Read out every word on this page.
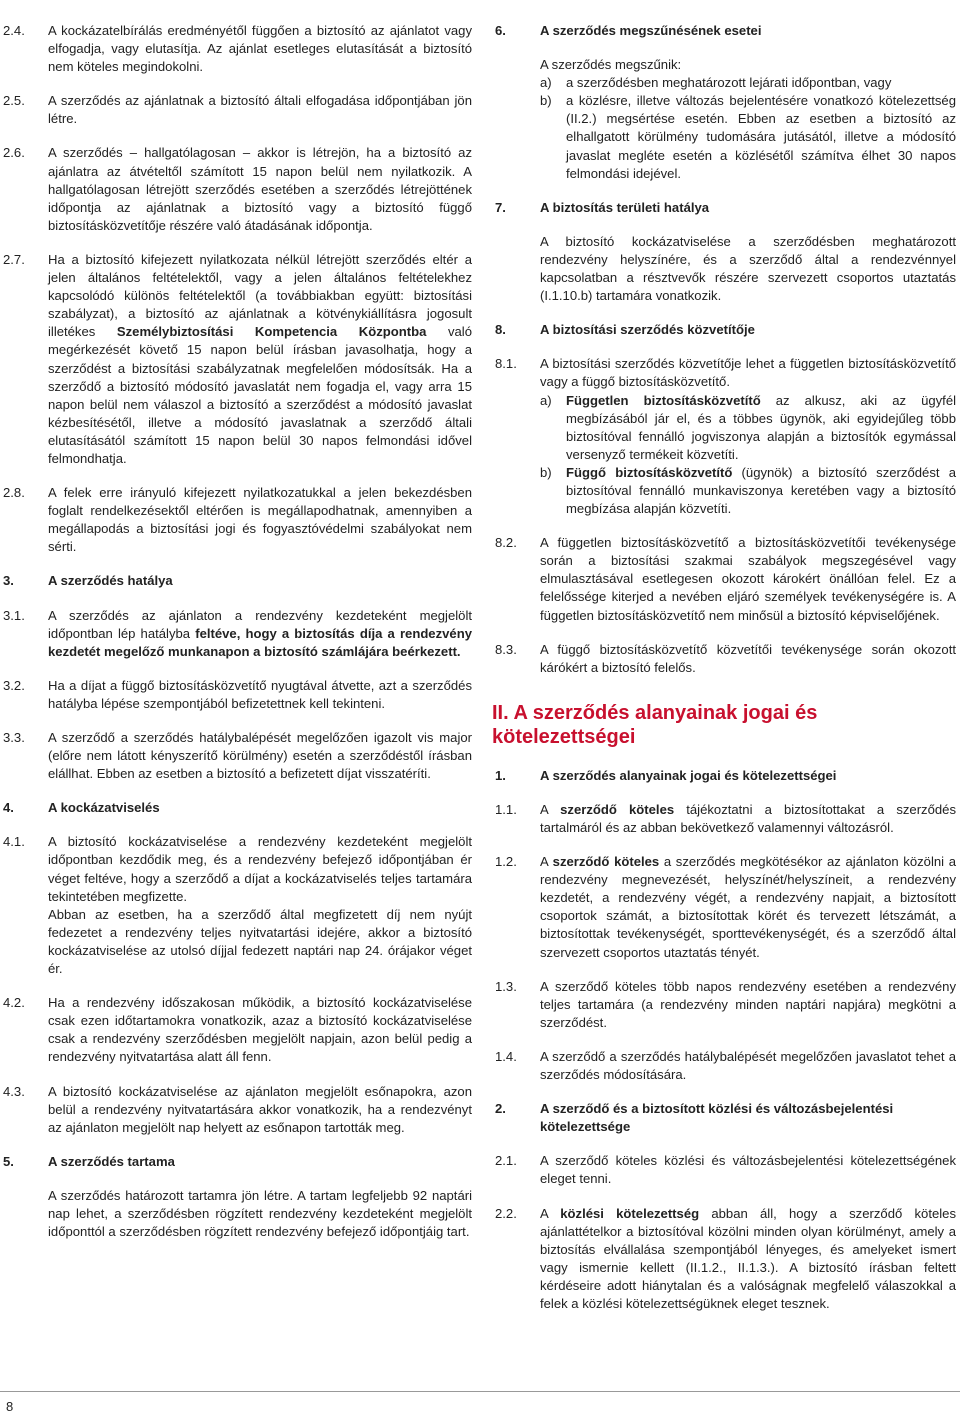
2.4.	A kockázatelbírálás eredményétől függően a biztosító az ajánlatot vagy elfogadja, vagy elutasítja. Az ajánlat esetleges elutasítását a biztosító nem köteles megindokolni.
2.5.	A szerződés az ajánlatnak a biztosító általi elfogadása időpontjában jön létre.
2.6.	A szerződés – hallgatólagosan – akkor is létrejön, ha a biztosító az ajánlatra az átvételtől számított 15 napon belül nem nyilatkozik. A hallgatólagosan létrejött szerződés esetében a szerződés létrejöttének időpontja az ajánlatnak a biztosító vagy a biztosító függő biztosításközvetítője részére való átadásának időpontja.
2.7.	Ha a biztosító kifejezett nyilatkozata nélkül létrejött szerződés eltér a jelen általános feltételektől, vagy a jelen általános feltételekhez kapcsolódó különös feltételektől (a továbbiakban együtt: biztosítási szabályzat), a biztosító az ajánlatnak a kötvénykiállításra jogosult illetékes Személybiztosítási Kompetencia Központba való megérkezését követő 15 napon belül írásban javasolhatja, hogy a szerződést a biztosítási szabályzatnak megfelelően módosítsák. Ha a szerződő a biztosító módosító javaslatát nem fogadja el, vagy arra 15 napon belül nem válaszol a biztosító a szerződést a módosító javaslat kézbesítésétől, illetve a módosító javaslatnak a szerződő általi elutasításától számított 15 napon belül 30 napos felmondási idővel felmondhatja.
2.8.	A felek erre irányuló kifejezett nyilatkozatukkal a jelen bekezdésben foglalt rendelkezésektől eltérően is megállapodhatnak, amennyiben a megállapodás a biztosítási jogi és fogyasztóvédelmi szabályokat nem sérti.
3.	A szerződés hatálya
3.1.	A szerződés az ajánlaton a rendezvény kezdeteként megjelölt időpontban lép hatályba feltéve, hogy a biztosítás díja a rendezvény kezdetét megelőző munkanapon a biztosító számlájára beérkezett.
3.2.	Ha a díjat a függő biztosításközvetítő nyugtával átvette, azt a szerződés hatályba lépése szempontjából befizetettnek kell tekinteni.
3.3.	A szerződő a szerződés hatálybalépését megelőzően igazolt vis major (előre nem látott kényszerítő körülmény) esetén a szerződéstől írásban elállhat. Ebben az esetben a biztosító a befizetett díjat visszatéríti.
4.	A kockázatviselés
4.1.	A biztosító kockázatviselése a rendezvény kezdeteként megjelölt időpontban kezdődik meg, és a rendezvény befejező időpontjában ér véget feltéve, hogy a szerződő a díjat a kockázatviselés teljes tartamára tekintetében megfizette.
Abban az esetben, ha a szerződő által megfizetett díj nem nyújt fedezetet a rendezvény teljes nyitvatartási idejére, akkor a biztosító kockázatviselése az utolsó díjjal fedezett naptári nap 24. órájakor véget ér.
4.2.	Ha a rendezvény időszakosan működik, a biztosító kockázatviselése csak ezen időtartamokra vonatkozik, azaz a biztosító kockázatviselése csak a rendezvény szerződésben megjelölt napjain, azon belül pedig a rendezvény nyitvatartása alatt áll fenn.
4.3.	A biztosító kockázatviselése az ajánlaton megjelölt esőnapokra, azon belül a rendezvény nyitvatartására akkor vonatkozik, ha a rendezvényt az ajánlaton megjelölt nap helyett az esőnapon tartották meg.
5.	A szerződés tartama
A szerződés határozott tartamra jön létre. A tartam legfeljebb 92 naptári nap lehet, a szerződésben rögzített rendezvény kezdeteként megjelölt időponttól a szerződésben rögzített rendezvény befejező időpontjáig tart.
6.	A szerződés megszűnésének esetei
A szerződés megszűnik:
a)	a szerződésben meghatározott lejárati időpontban, vagy
b)	a közlésre, illetve változás bejelentésére vonatkozó kötelezettség (II.2.) megsértése esetén. Ebben az esetben a biztosító az elhallgatott körülmény tudomására jutásától, illetve a módosító javaslat megléte esetén a közlésétől számítva élhet 30 napos felmondási idejével.
7.	A biztosítás területi hatálya
A biztosító kockázatviselése a szerződésben meghatározott rendezvény helyszínére, és a szerződő által a rendezvénnyel kapcsolatban a résztvevők részére szervezett csoportos utaztatás (I.1.10.b) tartamára vonatkozik.
8.	A biztosítási szerződés közvetítője
8.1.	A biztosítási szerződés közvetítője lehet a független biztosításközvetítő vagy a függő biztosításközvetítő.
a)	Független biztosításközvetítő az alkusz, aki az ügyfél megbízásából jár el, és a többes ügynök, aki egyidejűleg több biztosítóval fennálló jogviszonya alapján a biztosítók egymással versenyző termékeit közvetíti.
b)	Függő biztosításközvetítő (ügynök) a biztosító szerződést a biztosítóval fennálló munkaviszonya keretében vagy a biztosító megbízása alapján közvetíti.
8.2.	A független biztosításközvetítő a biztosításközvetítői tevékenysége során a biztosítási szakmai szabályok megszegésével vagy elmulasztásával esetlegesen okozott károkért önállóan felel. Ez a felelőssége kiterjed a nevében eljáró személyek tevékenységére is. A független biztosításközvetítő nem minősül a biztosító képviselőjének.
8.3.	A függő biztosításközvetítő közvetítői tevékenysége során okozott kárókért a biztosító felelős.
II. A szerződés alanyainak jogai és kötelezettségei
1.	A szerződés alanyainak jogai és kötelezettségei
1.1.	A szerződő köteles tájékoztatni a biztosítottakat a szerződés tartalmáról és az abban bekövetkező valamennyi változásról.
1.2.	A szerződő köteles a szerződés megkötésékor az ajánlaton közölni a rendezvény megnevezését, helyszínét/helyszíneit, a rendezvény kezdetét, a rendezvény végét, a rendezvény napjait, a biztosított csoportok számát, a biztosítottak körét és tervezett létszámát, a biztosítottak tevékenységét, sporttevékenységét, és a szerződő által szervezett csoportos utaztatás tényét.
1.3.	A szerződő köteles több napos rendezvény esetében a rendezvény teljes tartamára (a rendezvény minden naptári napjára) megkötni a szerződést.
1.4.	A szerződő a szerződés hatálybalépését megelőzően javaslatot tehet a szerződés módosítására.
2.	A szerződő és a biztosított közlési és változásbejelentési kötelezettsége
2.1.	A szerződő köteles közlési és változásbejelentési kötelezettségének eleget tenni.
2.2.	A közlési kötelezettség abban áll, hogy a szerződő köteles ajánlattételkor a biztosítóval közölni minden olyan körülményt, amely a biztosítás elvállalása szempontjából lényeges, és amelyeket ismert vagy ismernie kellett (II.1.2., II.1.3.). A biztosító írásban feltett kérdéseire adott hiánytalan és a valóságnak megfelelő válaszokkal a felek a közlési kötelezettségüknek eleget tesznek.
8
